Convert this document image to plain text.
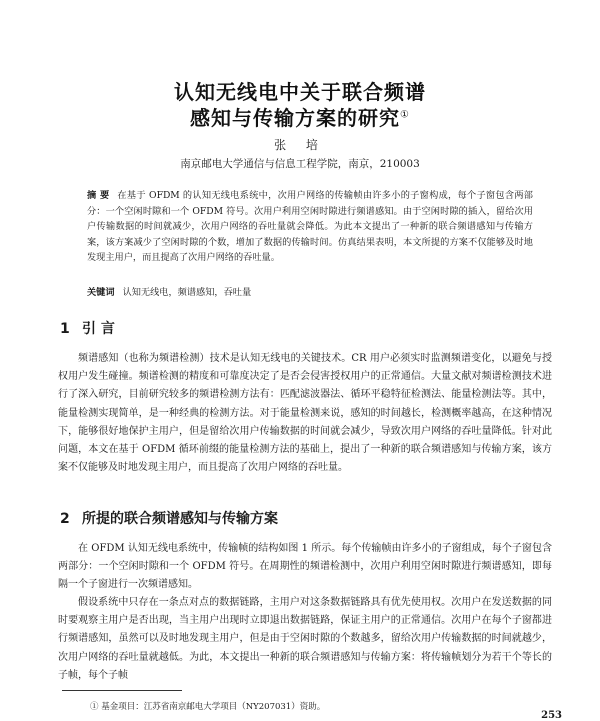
认知无线电中关于联合频谱
感知与传输方案的研究①
张 培
南京邮电大学通信与信息工程学院，南京，210003
摘 要 在基于 OFDM 的认知无线电系统中，次用户网络的传输帧由许多小的子窗构成，每个子窗包含两部分：一个空闲时隙和一个 OFDM 符号。次用户利用空闲时隙进行频谱感知。由于空闲时隙的插入，留给次用户传输数据的时间就减少，次用户网络的吞吐量就会降低。为此本文提出了一种新的联合频谱感知与传输方案，该方案减少了空闲时隙的个数，增加了数据的传输时间。仿真结果表明，本文所提的方案不仅能够及时地发现主用户，而且提高了次用户网络的吞吐量。
关键词 认知无线电，频谱感知，吞吐量
1 引 言
频谱感知（也称为频谱检测）技术是认知无线电的关键技术。CR 用户必须实时监测频谱变化，以避免与授权用户发生碰撞。频谱检测的精度和可靠度决定了是否会侵害授权用户的正常通信。大量文献对频谱检测技术进行了深入研究，目前研究较多的频谱检测方法有：匹配滤波器法、循环平稳特征检测法、能量检测法等。其中，能量检测实现简单，是一种经典的检测方法。对于能量检测来说，感知的时间越长，检测概率越高，在这种情况下，能够很好地保护主用户，但是留给次用户传输数据的时间就会减少，导致次用户网络的吞吐量降低。针对此问题，本文在基于 OFDM 循环前缀的能量检测方法的基础上，提出了一种新的联合频谱感知与传输方案，该方案不仅能够及时地发现主用户，而且提高了次用户网络的吞吐量。
2 所提的联合频谱感知与传输方案
在 OFDM 认知无线电系统中，传输帧的结构如图 1 所示。每个传输帧由许多小的子窗组成，每个子窗包含两部分：一个空闲时隙和一个 OFDM 符号。在周期性的频谱检测中，次用户利用空闲时隙进行频谱感知，即每隔一个子窗进行一次频谱感知。
假设系统中只存在一条点对点的数据链路，主用户对这条数据链路具有优先使用权。次用户在发送数据的同时要观察主用户是否出现，当主用户出现时立即退出数据链路，保证主用户的正常通信。次用户在每个子窗都进行频谱感知，虽然可以及时地发现主用户，但是由于空闲时隙的个数越多，留给次用户传输数据的时间就越少，次用户网络的吞吐量就越低。为此，本文提出一种新的联合频谱感知与传输方案：将传输帧划分为若干个等长的子帧，每个子帧
① 基金项目：江苏省南京邮电大学项目（NY207031）资助。
253
